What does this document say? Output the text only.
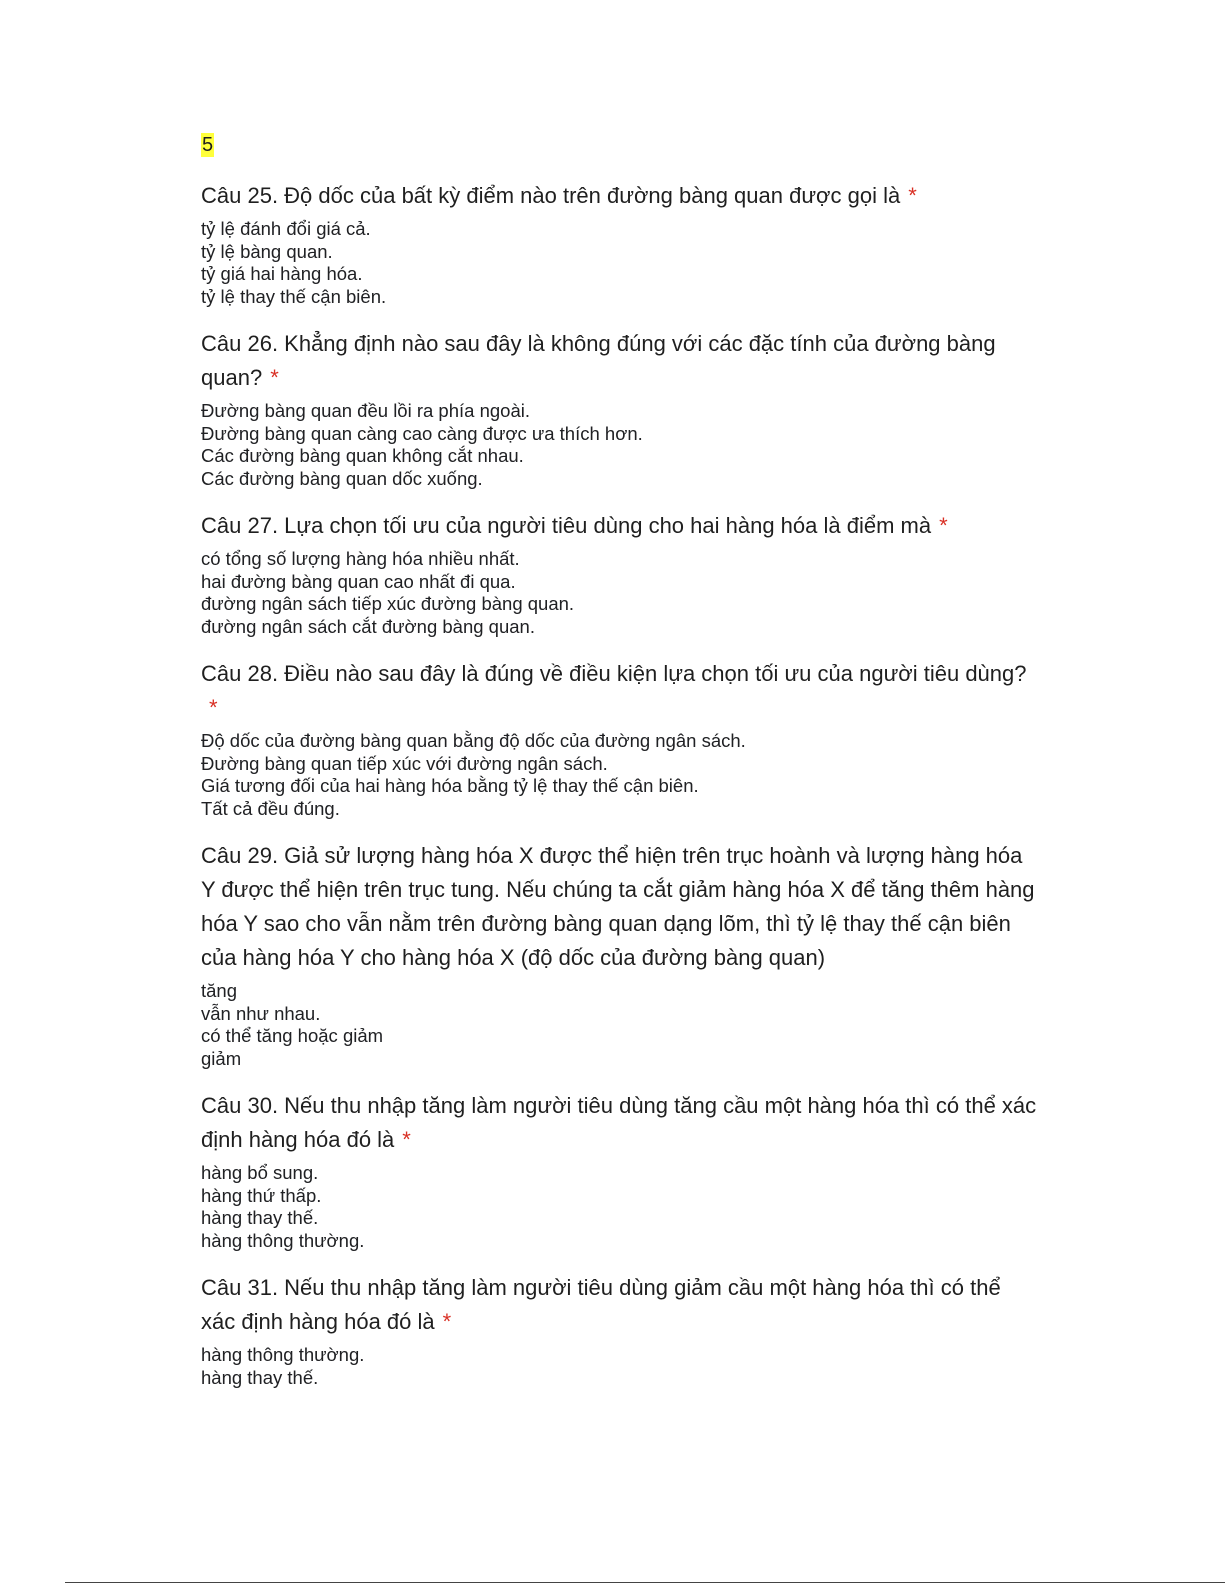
5

Câu 25. Độ dốc của bất kỳ điểm nào trên đường bàng quan được gọi là *

tỷ lệ đánh đổi giá cả.
tỷ lệ bàng quan.
tỷ giá hai hàng hóa.
tỷ lệ thay thế cận biên.

Câu 26. Khẳng định nào sau đây là không đúng với các đặc tính của đường bàng quan? *

Đường bàng quan đều lồi ra phía ngoài.
Đường bàng quan càng cao càng được ưa thích hơn.
Các đường bàng quan không cắt nhau.
Các đường bàng quan dốc xuống.

Câu 27. Lựa chọn tối ưu của người tiêu dùng cho hai hàng hóa là điểm mà *

có tổng số lượng hàng hóa nhiều nhất.
hai đường bàng quan cao nhất đi qua.
đường ngân sách tiếp xúc đường bàng quan.
đường ngân sách cắt đường bàng quan.

Câu 28. Điều nào sau đây là đúng về điều kiện lựa chọn tối ưu của người tiêu dùng?*

Độ dốc của đường bàng quan bằng độ dốc của đường ngân sách.
Đường bàng quan tiếp xúc với đường ngân sách.
Giá tương đối của hai hàng hóa bằng tỷ lệ thay thế cận biên.
Tất cả đều đúng.

Câu 29. Giả sử lượng hàng hóa X được thể hiện trên trục hoành và lượng hàng hóa Y được thể hiện trên trục tung. Nếu chúng ta cắt giảm hàng hóa X để tăng thêm hàng hóa Y sao cho vẫn nằm trên đường bàng quan dạng lõm, thì tỷ lệ thay thế cận biên của hàng hóa Y cho hàng hóa X (độ dốc của đường bàng quan)

tăng
vẫn như nhau.
có thể tăng hoặc giảm
giảm

Câu 30. Nếu thu nhập tăng làm người tiêu dùng tăng cầu một hàng hóa thì có thể xác định hàng hóa đó là *

hàng bổ sung.
hàng thứ thấp.
hàng thay thế.
hàng thông thường.

Câu 31. Nếu thu nhập tăng làm người tiêu dùng giảm cầu một hàng hóa thì có thể xác định hàng hóa đó là *

hàng thông thường.
hàng thay thế.
